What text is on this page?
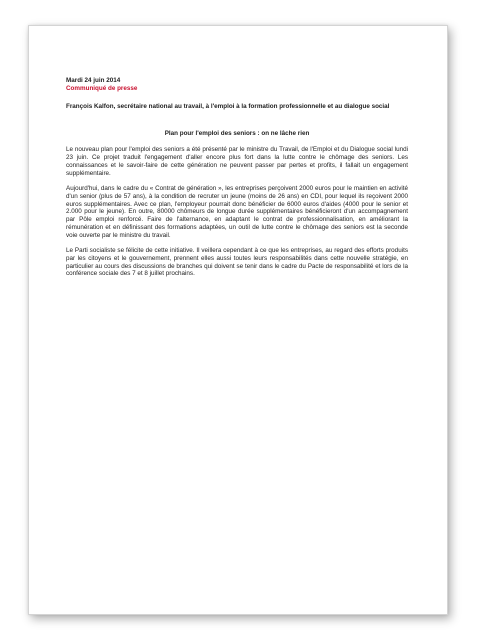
Mardi 24 juin 2014
Communiqué de presse
François Kalfon, secrétaire national au travail, à l'emploi à la formation professionnelle et au dialogue social
Plan pour l'emploi des seniors : on ne lâche rien

Le nouveau plan pour l'emploi des seniors a été présenté par le ministre du Travail, de l'Emploi et du Dialogue social lundi 23 juin. Ce projet traduit l'engagement d'aller encore plus fort dans la lutte contre le chômage des seniors. Les connaissances et le savoir-faire de cette génération ne peuvent passer par pertes et profits, il fallait un engagement supplémentaire.

Aujourd'hui, dans le cadre du « Contrat de génération », les entreprises perçoivent 2000 euros pour le maintien en activité d'un senior (plus de 57 ans), à la condition de recruter un jeune (moins de 26 ans) en CDI, pour lequel ils reçoivent 2000 euros supplémentaires. Avec ce plan, l'employeur pourrait donc bénéficier de 6000 euros d'aides (4000 pour le senior et 2.000 pour le jeune). En outre, 80000 chômeurs de longue durée supplémentaires bénéficieront d'un accompagnement par Pôle emploi renforcé. Faire de l'alternance, en adaptant le contrat de professionnalisation, en améliorant la rémunération et en définissant des formations adaptées, un outil de lutte contre le chômage des seniors est la seconde voie ouverte par le ministre du travail.

Le Parti socialiste se félicite de cette initiative. Il veillera cependant à ce que les entreprises, au regard des efforts produits par les citoyens et le gouvernement, prennent elles aussi toutes leurs responsabilités dans cette nouvelle stratégie, en particulier au cours des discussions de branches qui doivent se tenir dans le cadre du Pacte de responsabilité et lors de la conférence sociale des 7 et 8 juillet prochains.
